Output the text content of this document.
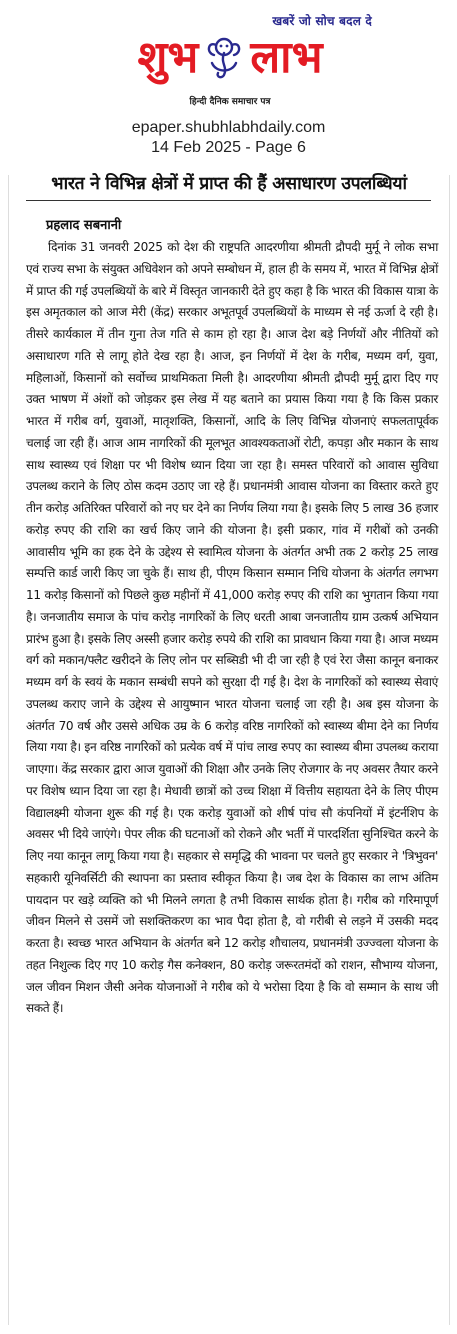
खबरें जो सोच बदल दे
शुभ लाभ
हिन्दी दैनिक समाचार पत्र
epaper.shubhlabhdaily.com
14 Feb 2025 - Page 6
भारत ने विभिन्न क्षेत्रों में प्राप्त की हैं असाधारण उपलब्धियां
प्रहलाद सबनानी

दिनांक 31 जनवरी 2025 को देश की राष्ट्रपति आदरणीया श्रीमती द्रौपदी मुर्मू ने लोक सभा एवं राज्य सभा के संयुक्त अधिवेशन को अपने सम्बोधन में, हाल ही के समय में, भारत में विभिन्न क्षेत्रों में प्राप्त की गई उपलब्धियों के बारे में विस्तृत जानकारी देते हुए कहा है कि भारत की विकास यात्रा के इस अमृतकाल को आज मेरी (केंद्र) सरकार अभूतपूर्व उपलब्धियों के माध्यम से नई ऊर्जा दे रही है। तीसरे कार्यकाल में तीन गुना तेज गति से काम हो रहा है। आज देश बड़े निर्णयों और नीतियों को असाधारण गति से लागू होते देख रहा है। आज, इन निर्णयों में देश के गरीब, मध्यम वर्ग, युवा, महिलाओं, किसानों को सर्वोच्च प्राथमिकता मिली है। आदरणीया श्रीमती द्रौपदी मुर्मू द्वारा दिए गए उक्त भाषण में अंशों को जोड़कर इस लेख में यह बताने का प्रयास किया गया है कि किस प्रकार भारत में गरीब वर्ग, युवाओं, मातृशक्ति, किसानों, आदि के लिए विभिन्न योजनाएं सफलतापूर्वक चलाई जा रही हैं। आज आम नागरिकों की मूलभूत आवश्यकताओं रोटी, कपड़ा और मकान के साथ साथ स्वास्थ्य एवं शिक्षा पर भी विशेष ध्यान दिया जा रहा है। समस्त परिवारों को आवास सुविधा उपलब्ध कराने के लिए ठोस कदम उठाए जा रहे हैं। प्रधानमंत्री आवास योजना का विस्तार करते हुए तीन करोड़ अतिरिक्त परिवारों को नए घर देने का निर्णय लिया गया है। इसके लिए 5 लाख 36 हजार करोड़ रुपए की राशि का खर्च किए जाने की योजना है। इसी प्रकार, गांव में गरीबों को उनकी आवासीय भूमि का हक देने के उद्देश्य से स्वामित्व योजना के अंतर्गत अभी तक 2 करोड़ 25 लाख सम्पत्ति कार्ड जारी किए जा चुके हैं। साथ ही, पीएम किसान सम्मान निधि योजना के अंतर्गत लगभग 11 करोड़ किसानों को पिछले कुछ महीनों में 41,000 करोड़ रुपए की राशि का भुगतान किया गया है। जनजातीय समाज के पांच करोड़ नागरिकों के लिए धरती आबा जनजातीय ग्राम उत्कर्ष अभियान प्रारंभ हुआ है। इसके लिए अस्सी हजार करोड़ रुपये की राशि का प्रावधान किया गया है। आज मध्यम वर्ग को मकान/फ्लैट खरीदने के लिए लोन पर सब्सिडी भी दी जा रही है एवं रेरा जैसा कानून बनाकर मध्यम वर्ग के स्वयं के मकान सम्बंधी सपने को सुरक्षा दी गई है। देश के नागरिकों को स्वास्थ्य सेवाएं उपलब्ध कराए जाने के उद्देश्य से आयुष्मान भारत योजना चलाई जा रही है। अब इस योजना के अंतर्गत 70 वर्ष और उससे अधिक उम्र के 6 करोड़ वरिष्ठ नागरिकों को स्वास्थ्य बीमा देने का निर्णय लिया गया है। इन वरिष्ठ नागरिकों को प्रत्येक वर्ष में पांच लाख रुपए का स्वास्थ्य बीमा उपलब्ध कराया जाएगा। केंद्र सरकार द्वारा आज युवाओं की शिक्षा और उनके लिए रोजगार के नए अवसर तैयार करने पर विशेष ध्यान दिया जा रहा है। मेधावी छात्रों को उच्च शिक्षा में वित्तीय सहायता देने के लिए पीएम विद्यालक्ष्मी योजना शुरू की गई है। एक करोड़ युवाओं को शीर्ष पांच सौ कंपनियों में इंटर्नशिप के अवसर भी दिये जाएंगे। पेपर लीक की घटनाओं को रोकने और भर्ती में पारदर्शिता सुनिश्चित करने के लिए नया कानून लागू किया गया है। सहकार से समृद्धि की भावना पर चलते हुए सरकार ने 'त्रिभुवन' सहकारी यूनिवर्सिटी की स्थापना का प्रस्ताव स्वीकृत किया है। जब देश के विकास का लाभ अंतिम पायदान पर खड़े व्यक्ति को भी मिलने लगता है तभी विकास सार्थक होता है। गरीब को गरिमापूर्ण जीवन मिलने से उसमें जो सशक्तिकरण का भाव पैदा होता है, वो गरीबी से लड़ने में उसकी मदद करता है। स्वच्छ भारत अभियान के अंतर्गत बने 12 करोड़ शौचालय, प्रधानमंत्री उज्ज्वला योजना के तहत निशुल्क दिए गए 10 करोड़ गैस कनेक्शन, 80 करोड़ जरूरतमंदों को राशन, सौभाग्य योजना, जल जीवन मिशन जैसी अनेक योजनाओं ने गरीब को ये भरोसा दिया है कि वो सम्मान के साथ जी सकते हैं।
